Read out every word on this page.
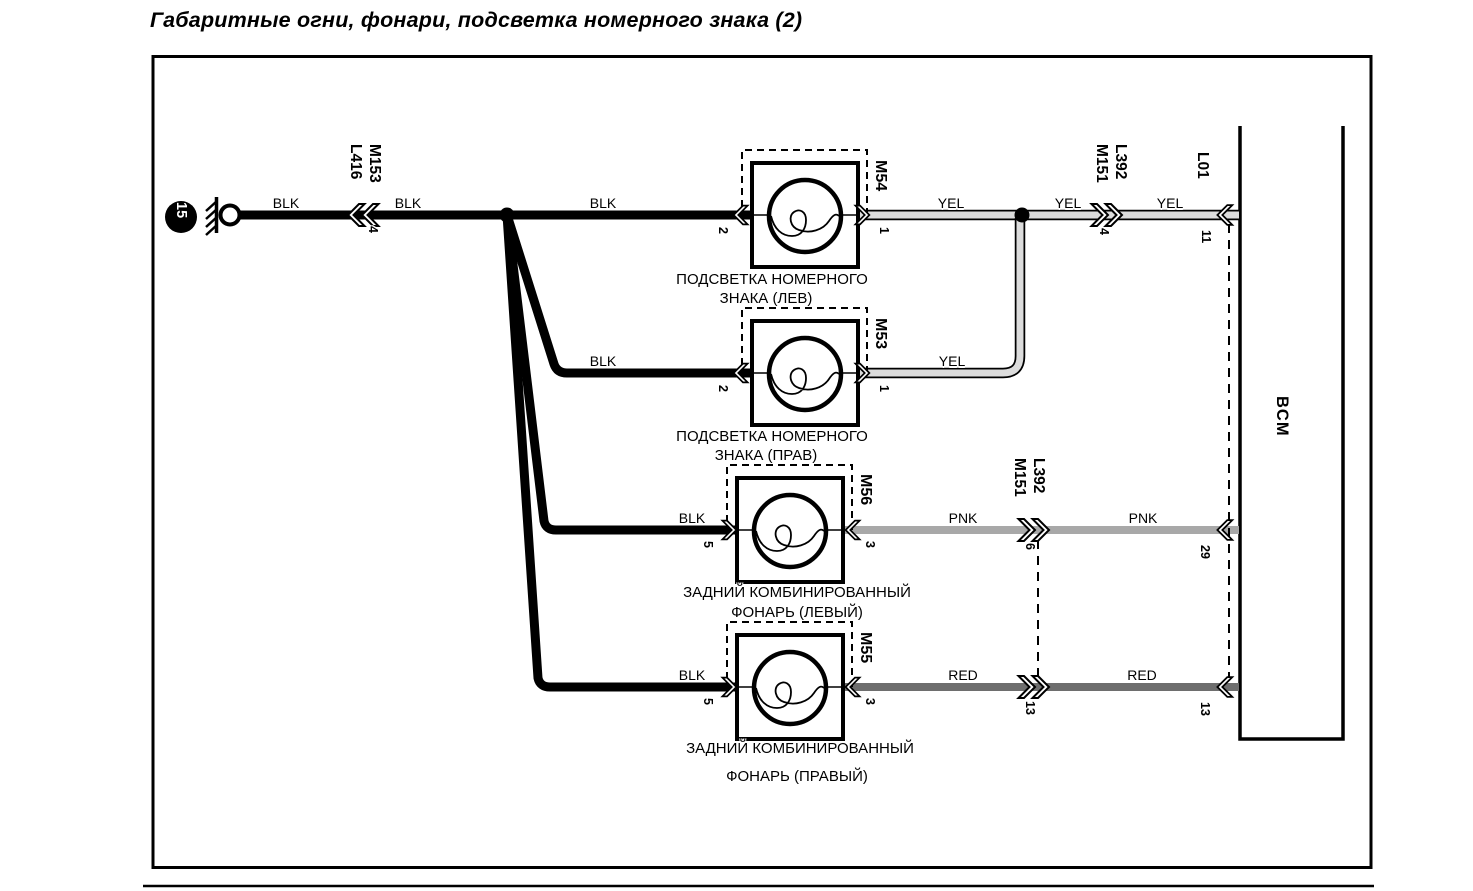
Габаритные огни, фонари, подсветка номерного знака (2)
15	BLK	BLK	BLK	YEL	YEL	YEL
BLK	YEL
BLK	PNK	PNK
BLK	RED	RED
M153
L416	L392
M151
L392
M151
L01
M54
M53
M56
M55
4	2	1
2	1
5	3
5	3
4	11
6	29
13	13
ПОДСВЕТКА НОМЕРНОГО
ЗНАКА (ЛЕВ)
ПОДСВЕТКА НОМЕРНОГО
ЗНАКА (ПРАВ)
ЗАДНИЙ КОМБИНИРОВАННЫЙ
ФОНАРЬ (ЛЕВЫЙ)
ЗАДНИЙ КОМБИНИРОВАННЫЙ
ФОНАРЬ (ПРАВЫЙ)
BCM
